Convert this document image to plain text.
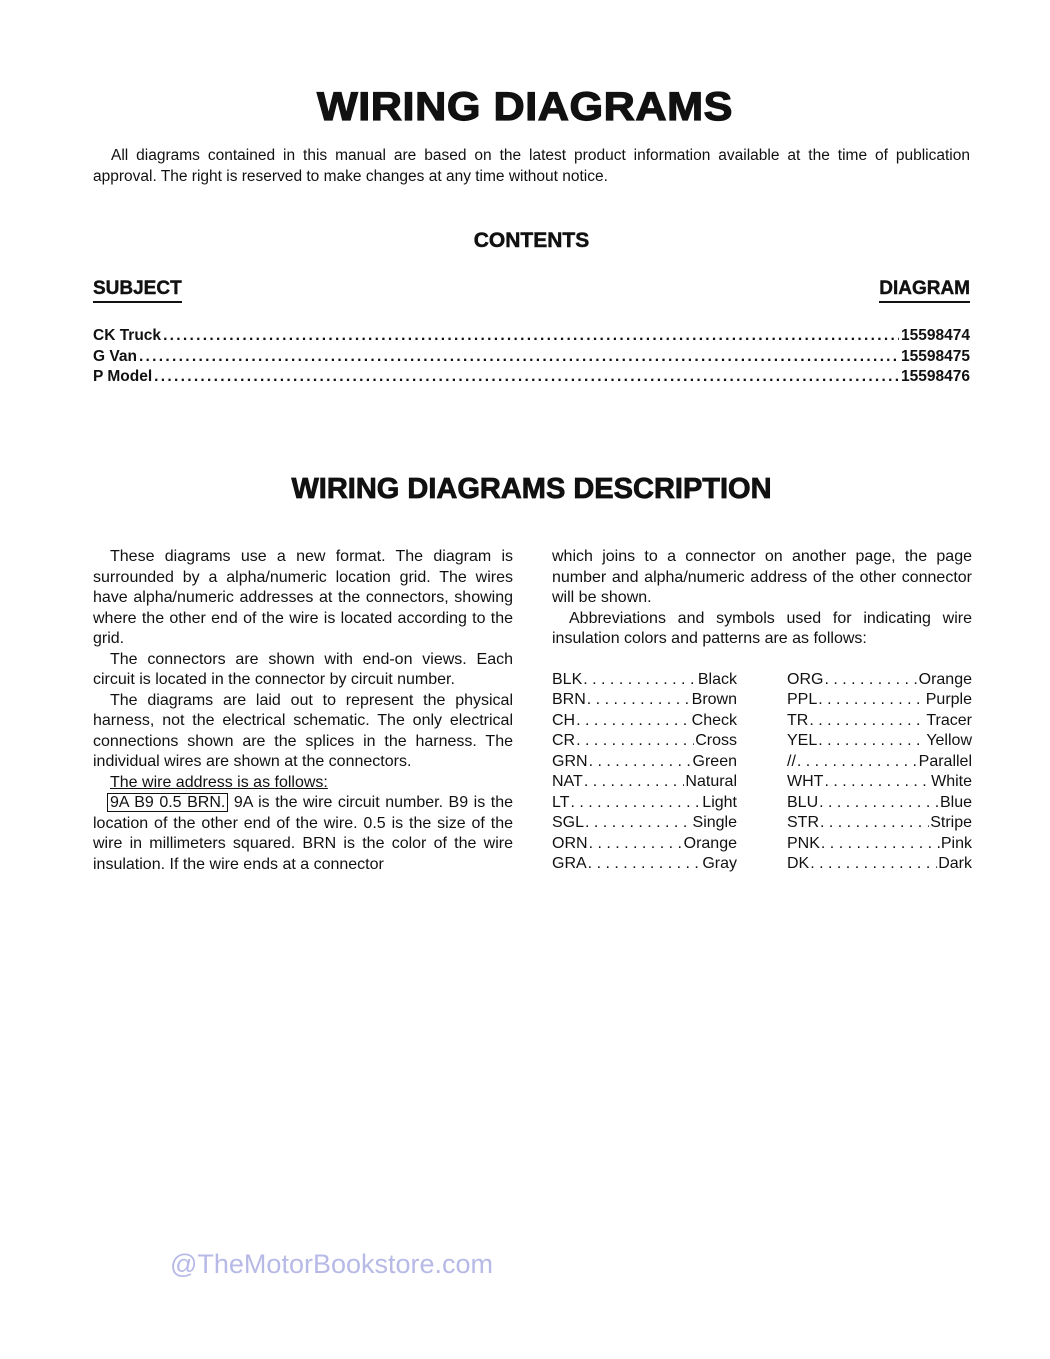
WIRING DIAGRAMS

All diagrams contained in this manual are based on the latest product information available at the time of publication approval. The right is reserved to make changes at any time without notice.

CONTENTS
SUBJECT	DIAGRAM
CK Truck . . .	15598474
G Van . . .	15598475
P Model . . .	15598476
WIRING DIAGRAMS DESCRIPTION

These diagrams use a new format. The diagram is surrounded by a alpha/numeric location grid. The wires have alpha/numeric addresses at the connectors, showing where the other end of the wire is located according to the grid.

The connectors are shown with end-on views. Each circuit is located in the connector by circuit number.

The diagrams are laid out to represent the physical harness, not the electrical schematic. The only electrical connections shown are the splices in the harness. The individual wires are shown at the connectors.

The wire address is as follows:

9A B9 0.5 BRN. 9A is the wire circuit number. B9 is the location of the other end of the wire. 0.5 is the size of the wire in millimeters squared. BRN is the color of the wire insulation. If the wire ends at a connector

which joins to a connector on another page, the page number and alpha/numeric address of the other connector will be shown.

Abbreviations and symbols used for indicating wire insulation colors and patterns are as follows:

BLK . . .	Black
BRN . . .	Brown
CH . . .	Check
CR . . .	Cross
GRN . . .	Green
NAT . . .	Natural
LT . . .	Light
SGL . . .	Single
ORN . . .	Orange
GRA . . .	Gray
ORG . . .	Orange
PPL . . .	Purple
TR . . .	Tracer
YEL . . .	Yellow
// . . .	Parallel
WHT . . .	White
BLU . . .	Blue
STR . . .	Stripe
PNK . . .	Pink
DK . . .	Dark
@TheMotorBookstore.com
